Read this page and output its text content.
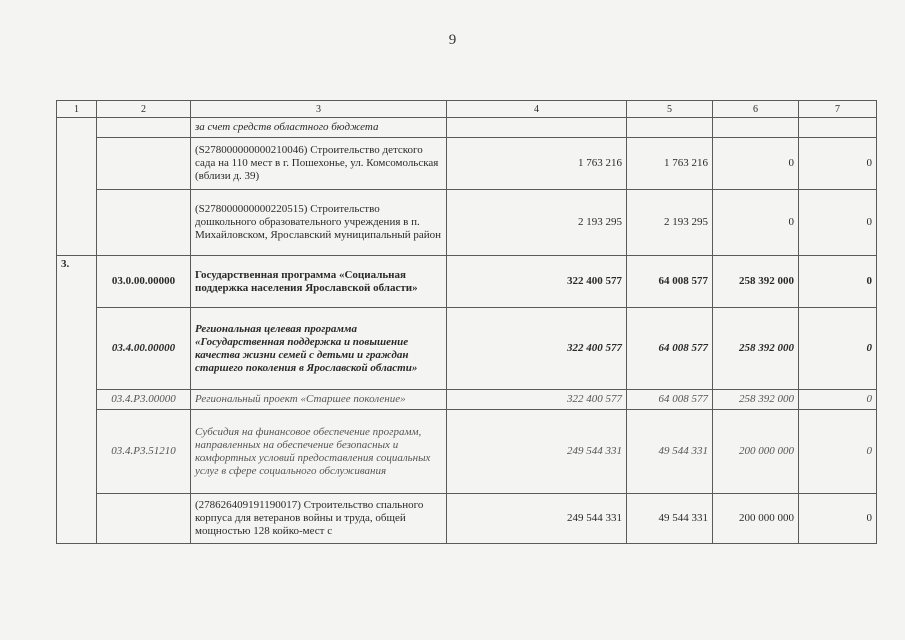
9
1	2	3	4	5	6	7
		за счет средств областного бюджета				
		(S278000000000210046) Строительство детского сада на 110 мест в г. Пошехонье, ул. Комсомольская (вблизи д. 39)	1 763 216	1 763 216	0	0
		(S278000000000220515) Строительство дошкольного образовательного учреждения в п. Михайловском, Ярославский муниципальный район	2 193 295	2 193 295	0	0
3.	03.0.00.00000	Государственная программа «Социальная поддержка населения Ярославской области»	322 400 577	64 008 577	258 392 000	0
	03.4.00.00000	Региональная целевая программа «Государственная поддержка и повышение качества жизни семей с детьми и граждан старшего поколения в Ярославской области»	322 400 577	64 008 577	258 392 000	0
	03.4.Р3.00000	Региональный проект «Старшее поколение»	322 400 577	64 008 577	258 392 000	0
	03.4.Р3.51210	Субсидия на финансовое обеспечение программ, направленных на обеспечение безопасных и комфортных условий предоставления социальных услуг в сфере социального обслуживания	249 544 331	49 544 331	200 000 000	0
		(278626409191190017) Строительство спального корпуса для ветеранов войны и труда, общей мощностью 128 койко-мест с	249 544 331	49 544 331	200 000 000	0
